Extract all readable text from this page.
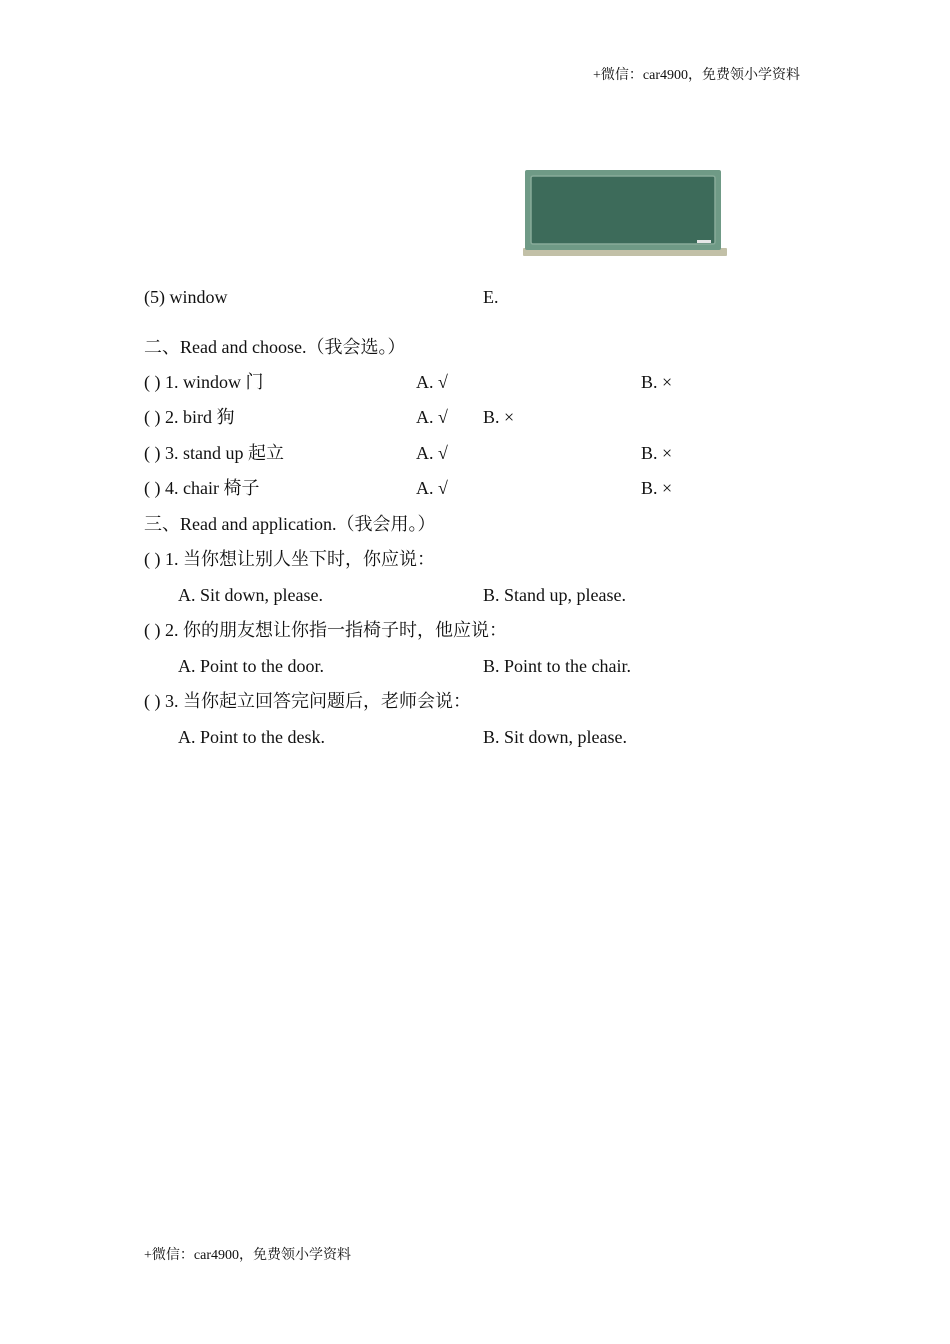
+微信：car4900，免费领小学资料
(5) window	E.
二、Read and choose.（我会选。）
( ) 1. window 门	A. √	B. ×
( ) 2. bird 狗	A. √ B. ×
( ) 3. stand up 起立	A. √	B. ×
( ) 4. chair 椅子	A. √	B. ×
三、Read and application.（我会用。）
( ) 1. 当你想让别人坐下时，你应说：
A. Sit down, please.	B. Stand up, please.
( ) 2. 你的朋友想让你指一指椅子时，他应说：
A. Point to the door.	B. Point to the chair.
( ) 3. 当你起立回答完问题后，老师会说：
A. Point to the desk.	B. Sit down, please.
+微信：car4900，免费领小学资料
